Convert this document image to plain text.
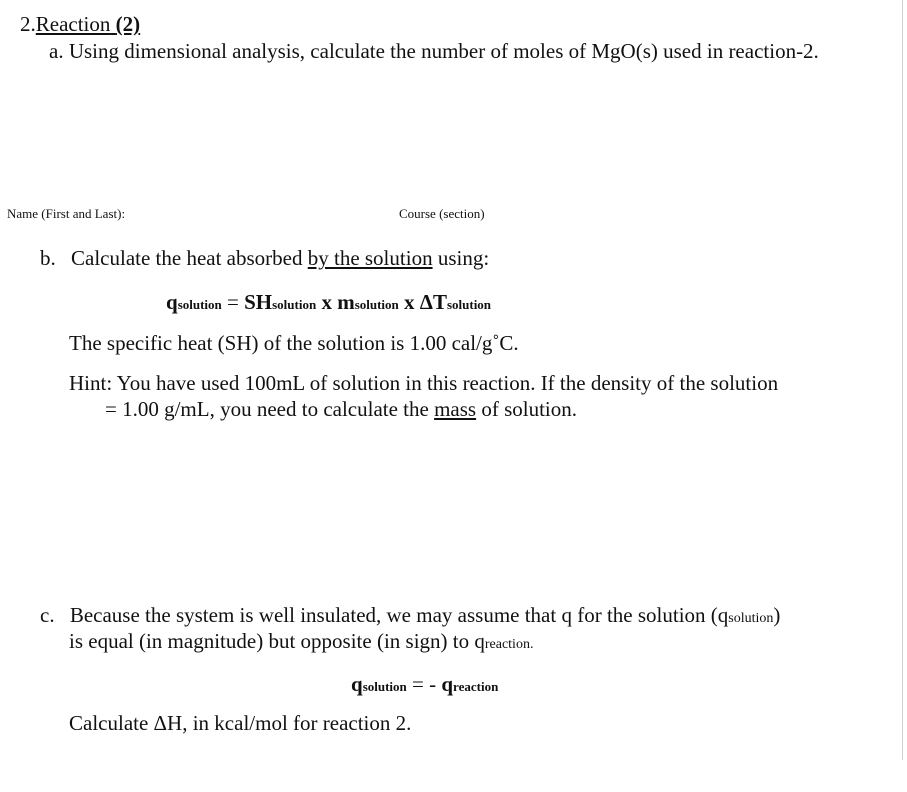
2.Reaction (2)
a. Using dimensional analysis, calculate the number of moles of MgO(s) used in reaction-2.
Name (First and Last):	Course (section)
b. Calculate the heat absorbed by the solution using:
qsolution = SHsolution x msolution x ΔTsolution
The specific heat (SH) of the solution is 1.00 cal/g˚C.
Hint: You have used 100mL of solution in this reaction. If the density of the solution
= 1.00 g/mL, you need to calculate the mass of solution.
c. Because the system is well insulated, we may assume that q for the solution (qsolution)
is equal (in magnitude) but opposite (in sign) to qreaction.
qsolution = - qreaction
Calculate ΔH, in kcal/mol for reaction 2.
